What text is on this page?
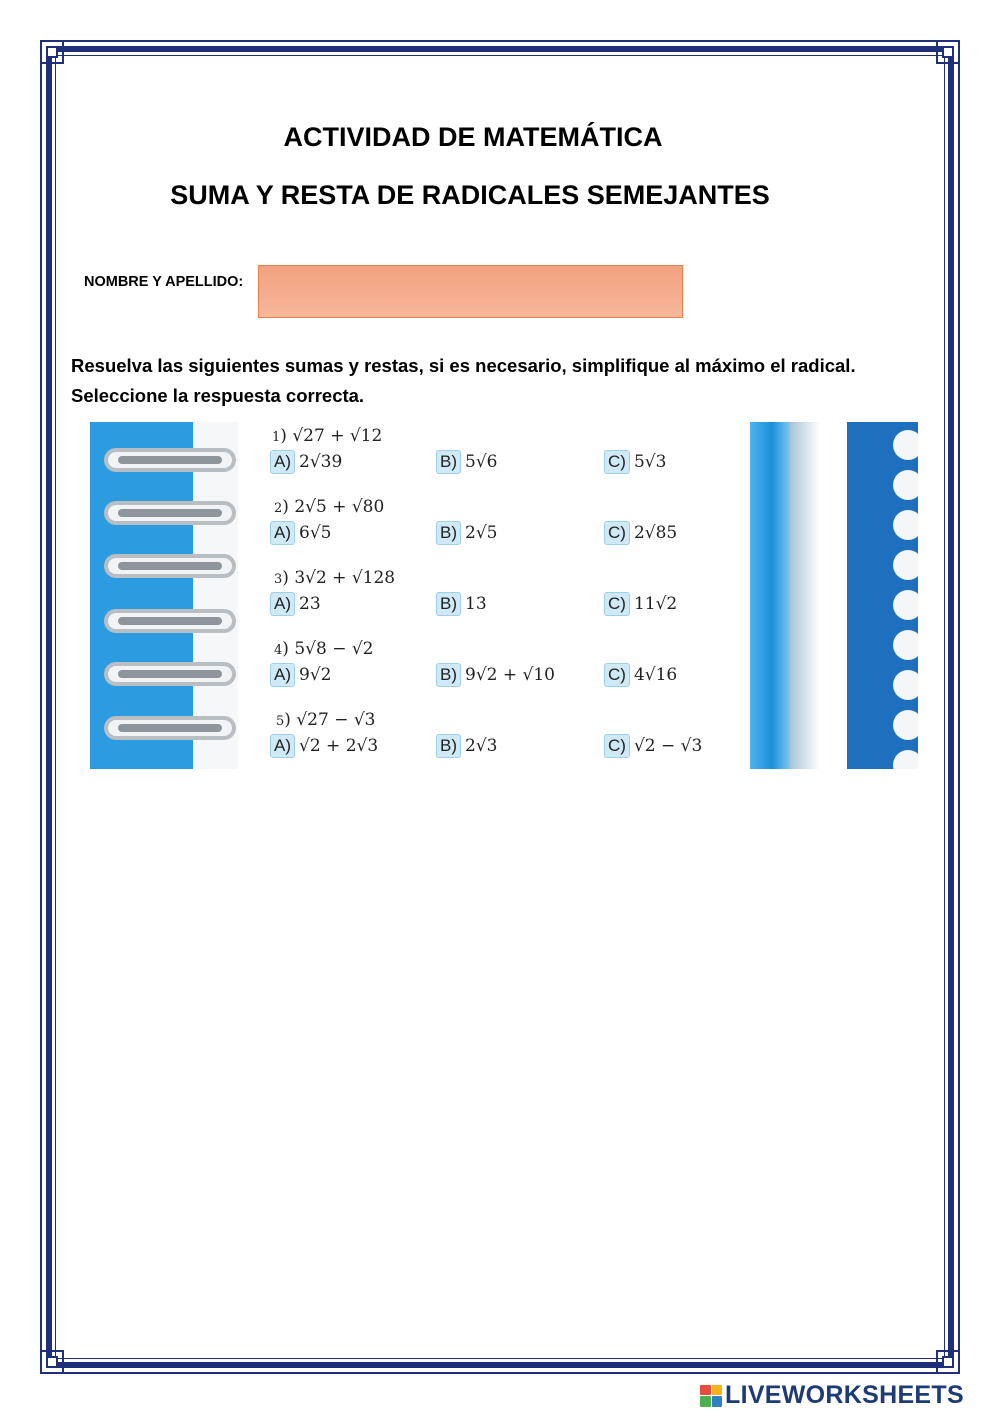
ACTIVIDAD DE MATEMÁTICA
SUMA Y RESTA DE RADICALES SEMEJANTES
NOMBRE Y APELLIDO:
Resuelva las siguientes sumas y restas, si es necesario, simplifique al máximo el radical.
Seleccione la respuesta correcta.
1) √27 + √12
A) 2√39	B) 5√6	C) 5√3
2) 2√5 + √80
A) 6√5	B) 2√5	C) 2√85
3) 3√2 + √128
A) 23	B) 13	C) 11√2
4) 5√8 − √2
A) 9√2	B) 9√2 + √10	C) 4√16
5) √27 − √3
A) √2 + 2√3	B) 2√3	C) √2 − √3
LIVEWORKSHEETS
